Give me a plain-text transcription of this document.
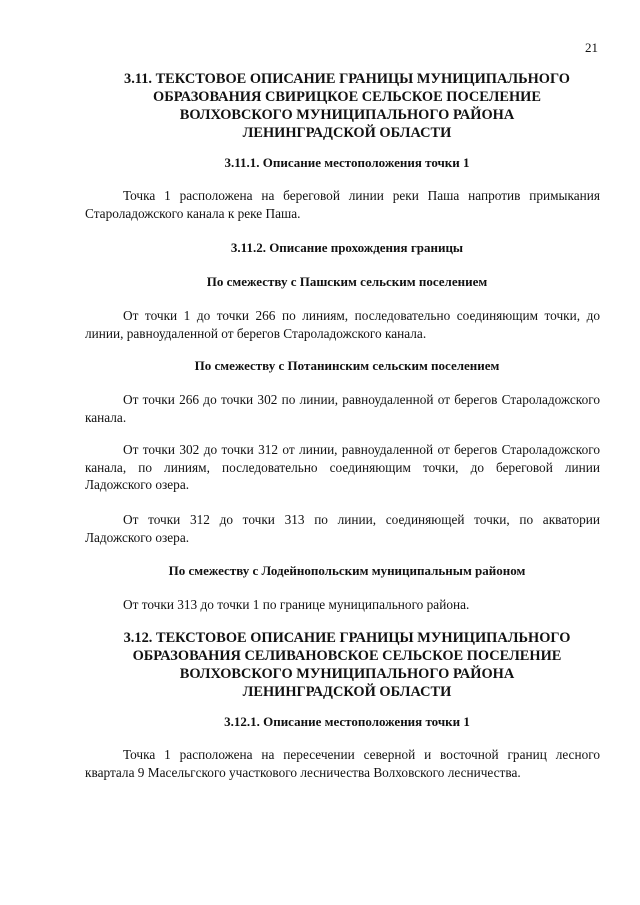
21
3.11. ТЕКСТОВОЕ ОПИСАНИЕ ГРАНИЦЫ МУНИЦИПАЛЬНОГО
ОБРАЗОВАНИЯ СВИРИЦКОЕ СЕЛЬСКОЕ ПОСЕЛЕНИЕ
ВОЛХОВСКОГО МУНИЦИПАЛЬНОГО РАЙОНА
ЛЕНИНГРАДСКОЙ ОБЛАСТИ
3.11.1. Описание местоположения точки 1
Точка 1 расположена на береговой линии реки Паша напротив примыкания Староладожского канала к реке Паша.
3.11.2. Описание прохождения границы
По смежеству с Пашским сельским поселением
От точки 1 до точки 266 по линиям, последовательно соединяющим точки, до линии, равноудаленной от берегов Староладожского канала.
По смежеству с Потанинским сельским поселением
От точки 266 до точки 302 по линии, равноудаленной от берегов Староладожского канала.
От точки 302 до точки 312 от линии, равноудаленной от берегов Староладожского канала, по линиям, последовательно соединяющим точки, до береговой линии Ладожского озера.
От точки 312 до точки 313 по линии, соединяющей точки, по акватории Ладожского озера.
По смежеству с Лодейнопольским муниципальным районом
От точки 313 до точки 1 по границе муниципального района.
3.12. ТЕКСТОВОЕ ОПИСАНИЕ ГРАНИЦЫ МУНИЦИПАЛЬНОГО
ОБРАЗОВАНИЯ СЕЛИВАНОВСКОЕ СЕЛЬСКОЕ ПОСЕЛЕНИЕ
ВОЛХОВСКОГО МУНИЦИПАЛЬНОГО РАЙОНА
ЛЕНИНГРАДСКОЙ ОБЛАСТИ
3.12.1. Описание местоположения точки 1
Точка 1 расположена на пересечении северной и восточной границ лесного квартала 9 Масельгского участкового лесничества Волховского лесничества.
